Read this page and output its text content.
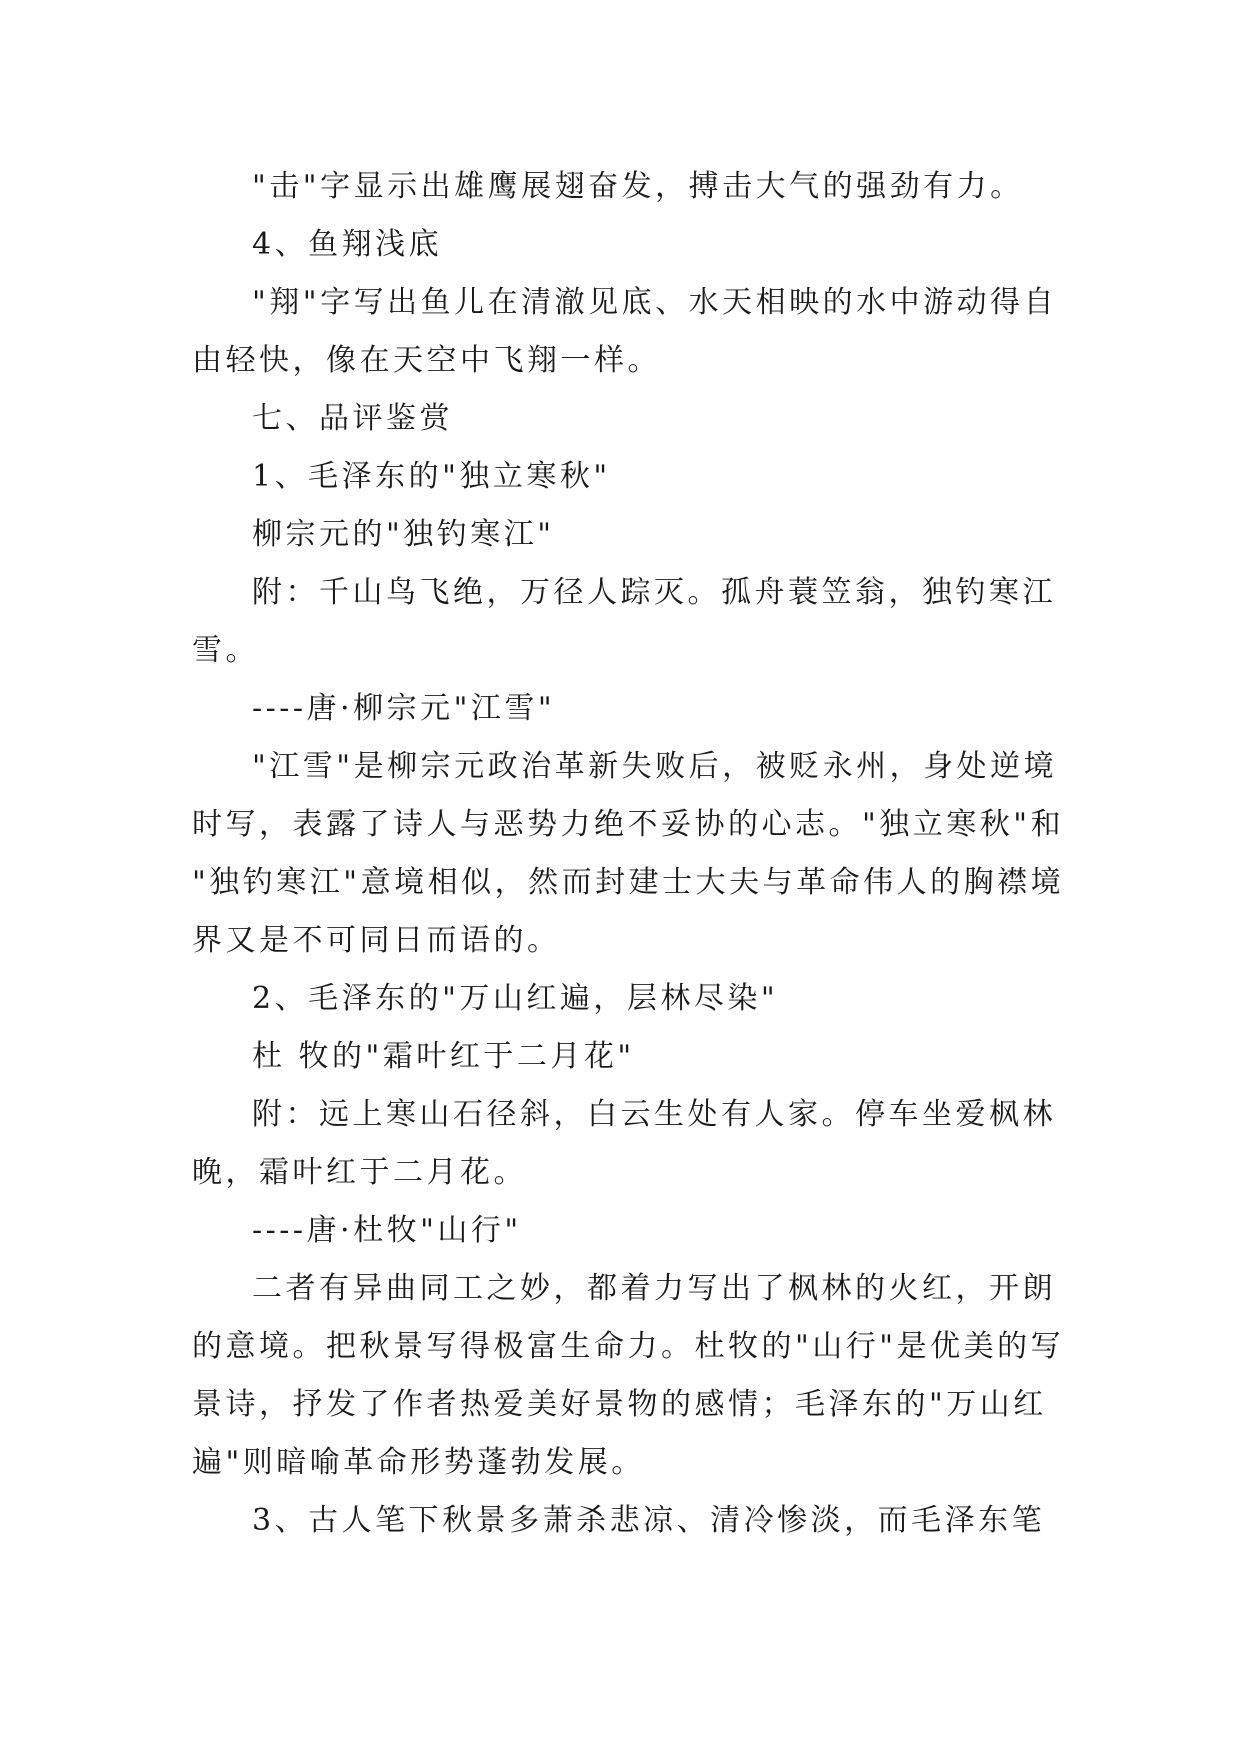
"击"字显示出雄鹰展翅奋发，搏击大气的强劲有力。

4、鱼翔浅底

"翔"字写出鱼儿在清澈见底、水天相映的水中游动得自
由轻快，像在天空中飞翔一样。

七、品评鉴赏

1、毛泽东的"独立寒秋"

柳宗元的"独钓寒江"

附：千山鸟飞绝，万径人踪灭。孤舟蓑笠翁，独钓寒江
雪。

----唐·柳宗元"江雪"

"江雪"是柳宗元政治革新失败后，被贬永州，身处逆境
时写，表露了诗人与恶势力绝不妥协的心志。"独立寒秋"和
"独钓寒江"意境相似，然而封建士大夫与革命伟人的胸襟境
界又是不可同日而语的。

2、毛泽东的"万山红遍，层林尽染"

杜 牧的"霜叶红于二月花"

附：远上寒山石径斜，白云生处有人家。停车坐爱枫林
晚，霜叶红于二月花。

----唐·杜牧"山行"

二者有异曲同工之妙，都着力写出了枫林的火红，开朗
的意境。把秋景写得极富生命力。杜牧的"山行"是优美的写
景诗，抒发了作者热爱美好景物的感情；毛泽东的"万山红
遍"则暗喻革命形势蓬勃发展。

3、古人笔下秋景多萧杀悲凉、清冷惨淡，而毛泽东笔
